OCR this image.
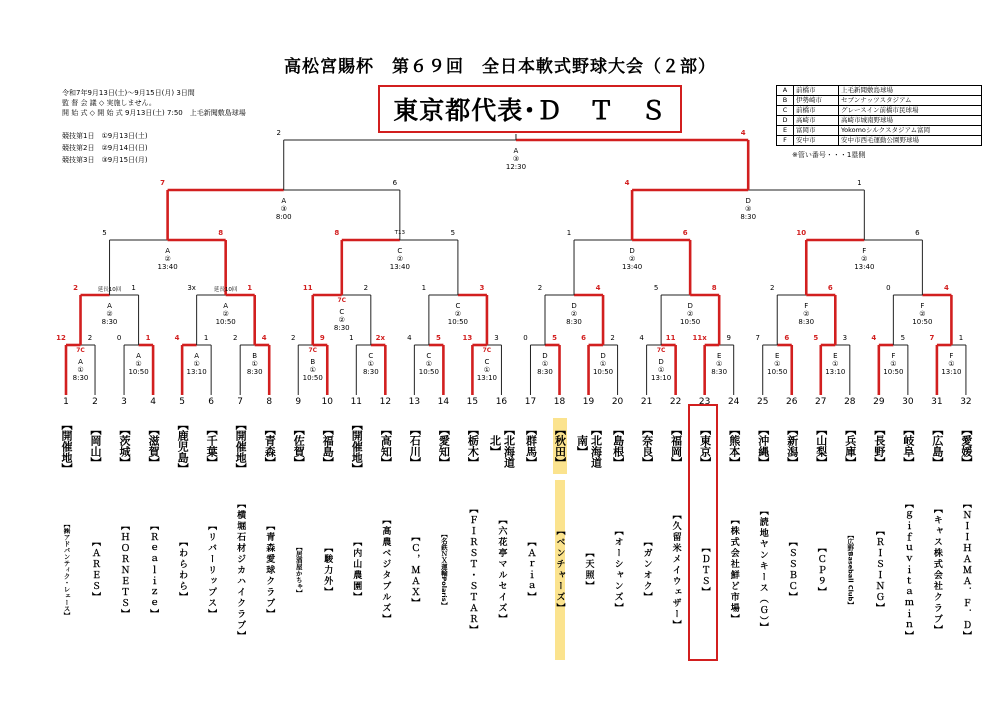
高松宮賜杯　第６９回　全日本軟式野球大会（２部）
令和7年9月13日(土)～9月15日(月) 3日間
監 督 会 議 ◇ 実施しません。
開 始 式 ◇ 開 始 式 9月13日(土) 7:50　上毛新聞敷島球場
競技第1日　①9月13日(土)
競技第2日　②9月14日(日)
競技第3日　③9月15日(月)
東京都代表･Ｄ　Ｔ　Ｓ
A	前橋市	上毛新聞敷島球場
B	伊勢崎市	セブンナッツスタジアム
C	前橋市	グレースイン前橋市民球場
D	高崎市	高崎市城南野球場
E	富岡市	Yokomoシルクスタジアム富岡
F	安中市	安中市西毛運動公園野球場
※管い番号・・・1塁側
12	2
7C
A
①
8:30
0	1
A
①
10:50
4	1
A
①
13:10
2	4
B
①
8:30
2	9
7C
B
①
10:50
1	2x
C
①
8:30
4	5
C
①
10:50
13	3
7C
C
①
13:10
0	5
D
①
8:30
6	2
D
①
10:50
4	11
7C
D
①
13:10
11x	9
E
①
8:30
7	6
E
①
10:50
5	3
E
①
13:10
4	5
F
①
10:50
7	1
F
①
13:10
2	1
延長10回
A
②
8:30
3x	1
延長10回
A
②
10:50
11	2
7C
C
②
8:30
1	3
C
②
10:50
2	4
D
②
8:30
5	8
D
②
10:50
2	6
F
②
8:30
0	4
F
②
10:50
5	8
A
②
13:40
8	5
T13
C
②
13:40
1	6
D
②
13:40
10	6
F
②
13:40
7	6
A
③
8:00
4	1
D
③
8:30
2	4
A
③
12:30
1
【開催地】
【㈱アドバンティク・レェース】
2
【岡山】
【ＡＲＥＳ】
3
【茨城】
【ＨＯＲＮＥＴＳ】
4
【滋賀】
【Ｒｅａｌｉｚｅ】
5
【鹿児島】
【わらわら】
6
【千葉】
【リバーリップス】
7
【開催地】
【横堀石材ジカハイクラブ】
8
【青森】
【青森愛球クラブ】
9
【佐賀】
【居酒屋かちゃ】
10
【福島】
【駿力外】
11
【開催地】
【内山農園】
12
【高知】
【高農ベジタブルズ】
13
【石川】
【Ｃ，ＭＡＸ】
14
【愛知】
【名鉄ＮＸ運輸Polaris】
15
【栃木】
【ＦＩＲＳＴ・ＳＴＡＲ】
16
【北海道北】
【六花亭マルセイズ】
17
【群馬】
【Ａｒｉａ】
18
【秋田】
【ベンチャーズ】
19
【北海道南】
【天照】
20
【島根】
【オーシャンズ】
21
【奈良】
【ガンオク】
22
【福岡】
【久留米メイウェザー】
23
【東京】
【ＤＴＳ】
24
【熊本】
【株式会社鮮ど市場】
25
【沖縄】
【読地ヤンキース（Ｇ）】
26
【新潟】
【ＳＳＢＣ】
27
【山梨】
【ＣＰ９】
28
【兵庫】
【広野Baseball Club】
29
【長野】
【ＲＩＳＩＮＧ】
30
【岐阜】
【ｇｉｆｕｖｉｔａｍｉｎ】
31
【広島】
【キャス株式会社クラブ】
32
【愛媛】
【ＮＩＩＨＡＭＡ．Ｆ．Ｄ】
